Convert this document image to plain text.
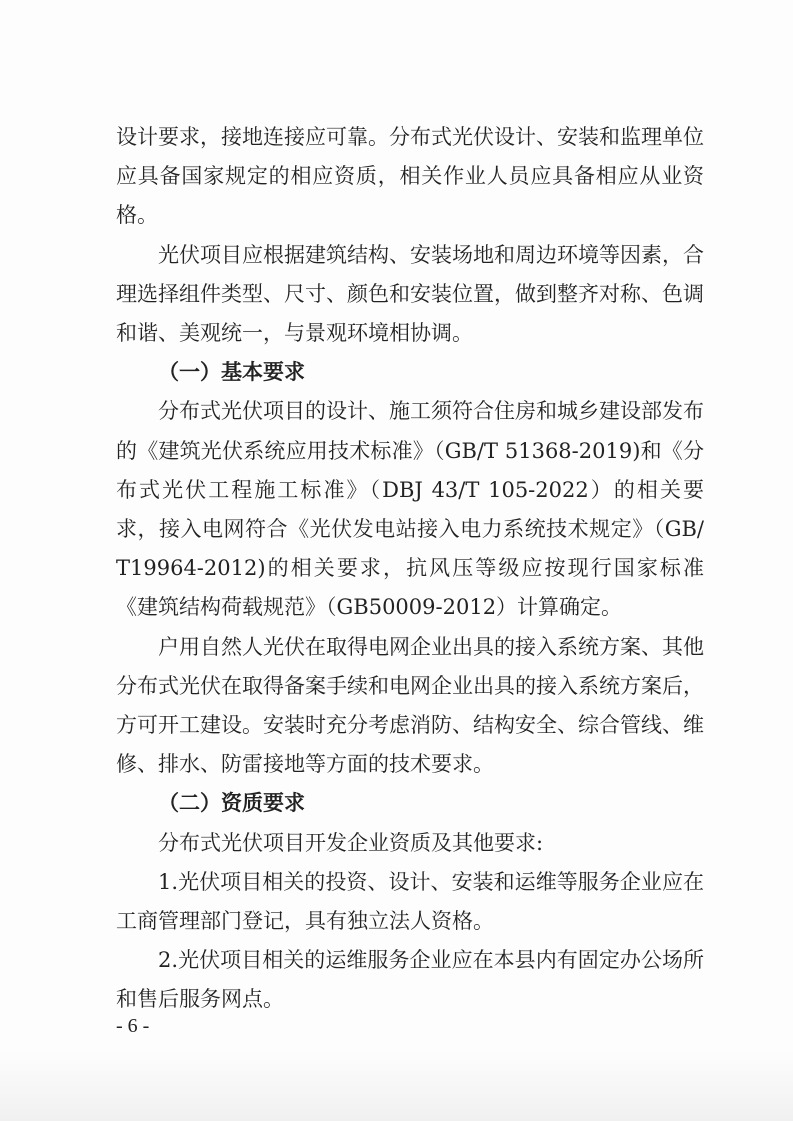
设计要求，接地连接应可靠。分布式光伏设计、安装和监理单位应具备国家规定的相应资质，相关作业人员应具备相应从业资格。

光伏项目应根据建筑结构、安装场地和周边环境等因素，合理选择组件类型、尺寸、颜色和安装位置，做到整齐对称、色调和谐、美观统一，与景观环境相协调。

（一）基本要求

分布式光伏项目的设计、施工须符合住房和城乡建设部发布的《建筑光伏系统应用技术标准》（GB/T 51368-2019)和《分布式光伏工程施工标准》（DBJ 43/T 105-2022）的相关要求，接入电网符合《光伏发电站接入电力系统技术规定》（GB/T19964-2012)的相关要求，抗风压等级应按现行国家标准《建筑结构荷载规范》（GB50009-2012）计算确定。

户用自然人光伏在取得电网企业出具的接入系统方案、其他分布式光伏在取得备案手续和电网企业出具的接入系统方案后，方可开工建设。安装时充分考虑消防、结构安全、综合管线、维修、排水、防雷接地等方面的技术要求。

（二）资质要求

分布式光伏项目开发企业资质及其他要求:

1.光伏项目相关的投资、设计、安装和运维等服务企业应在工商管理部门登记，具有独立法人资格。

2.光伏项目相关的运维服务企业应在本县内有固定办公场所和售后服务网点。

- 6 -
